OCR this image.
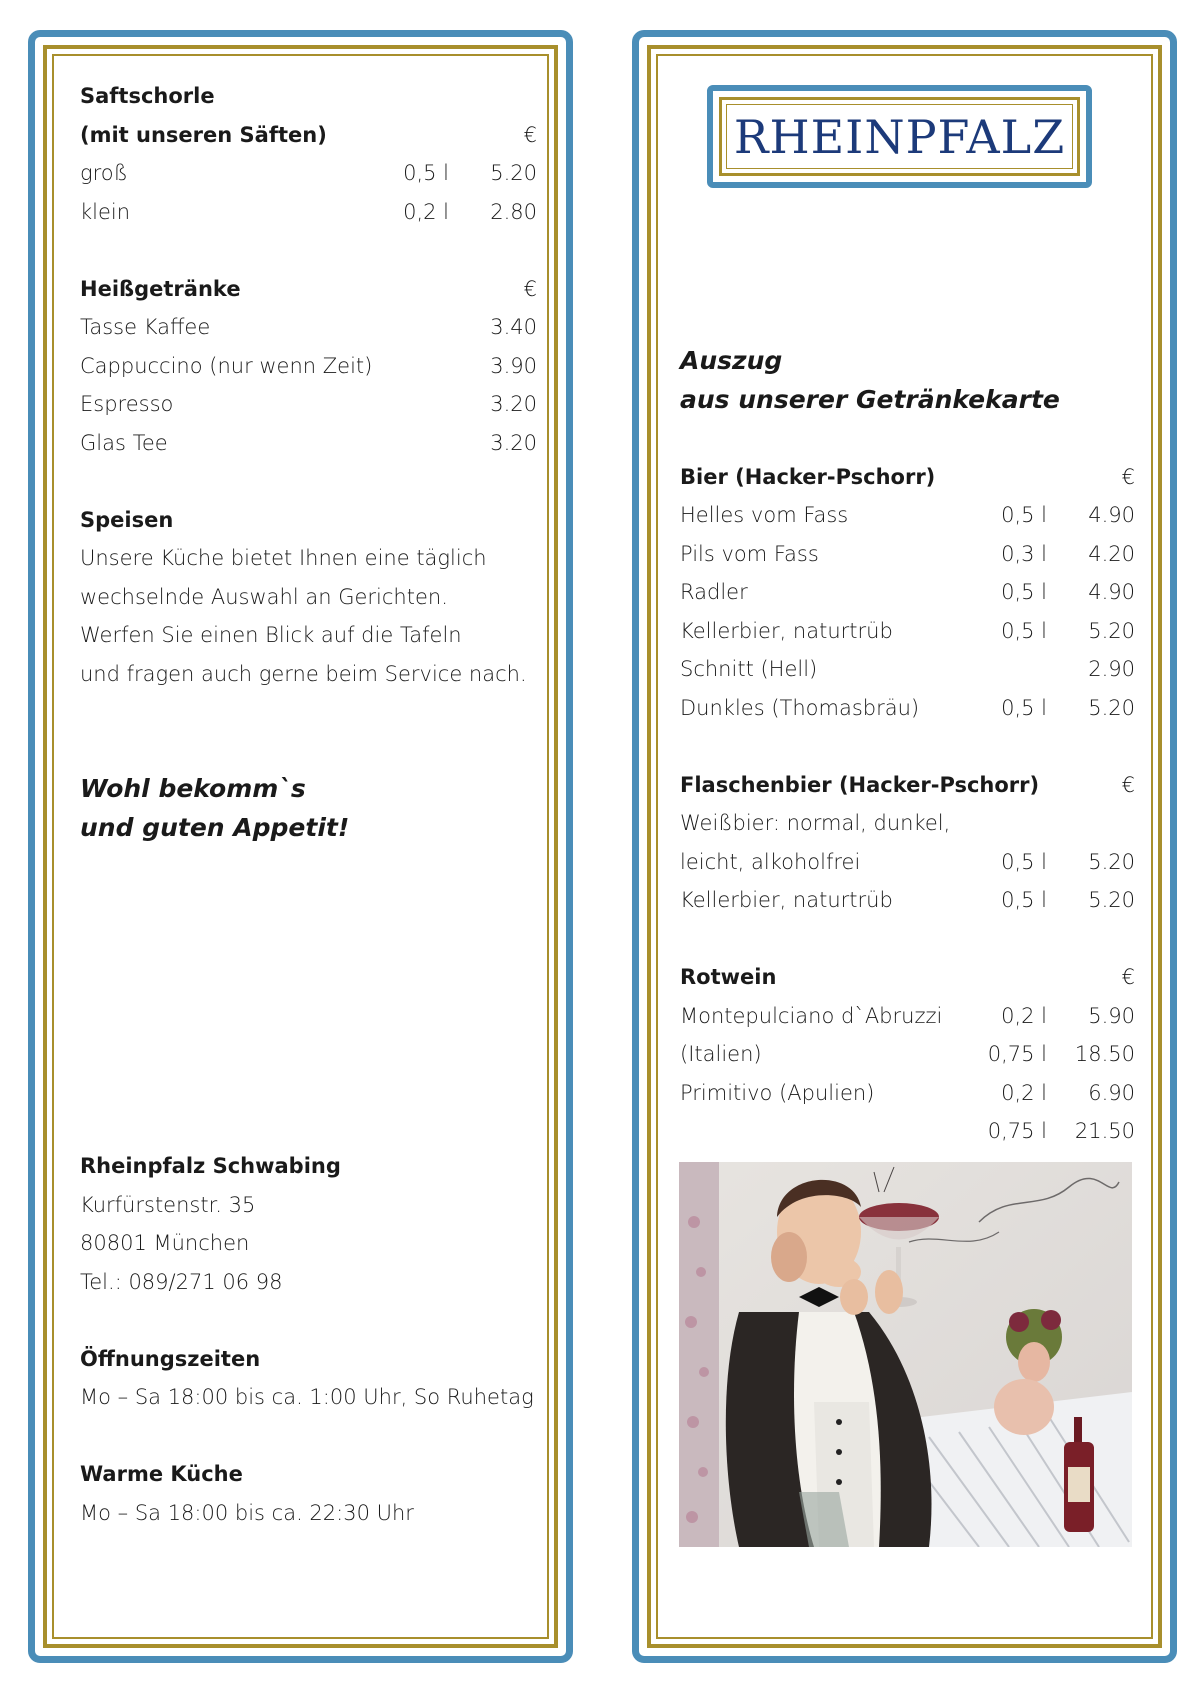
Saftschorle
(mit unseren Säften)	€
groß	0,5 l	5.20
klein	0,2 l	2.80
Heißgetränke	€
Tasse Kaffee	3.40
Cappuccino (nur wenn Zeit)	3.90
Espresso	3.20
Glas Tee	3.20
Speisen
Unsere Küche bietet Ihnen eine täglich
wechselnde Auswahl an Gerichten.
Werfen Sie einen Blick auf die Tafeln
und fragen auch gerne beim Service nach.
Wohl bekomm`s
und guten Appetit!
Rheinpfalz Schwabing
Kurfürstenstr. 35
80801 München
Tel.: 089/271 06 98
Öffnungszeiten
Mo – Sa 18:00 bis ca. 1:00 Uhr, So Ruhetag
Warme Küche
Mo – Sa 18:00 bis ca. 22:30 Uhr
RHEINPFALZ
Auszug
aus unserer Getränkekarte
Bier (Hacker-Pschorr)	€
Helles vom Fass	0,5 l	4.90
Pils vom Fass	0,3 l	4.20
Radler	0,5 l	4.90
Kellerbier, naturtrüb	0,5 l	5.20
Schnitt (Hell)	2.90
Dunkles (Thomasbräu)	0,5 l	5.20
Flaschenbier (Hacker-Pschorr)	€
Weißbier: normal, dunkel,
leicht, alkoholfrei	0,5 l	5.20
Kellerbier, naturtrüb	0,5 l	5.20
Rotwein	€
Montepulciano d`Abruzzi	0,2 l	5.90
(Italien)	0,75 l	18.50
Primitivo (Apulien)	0,2 l	6.90
0,75 l	21.50
